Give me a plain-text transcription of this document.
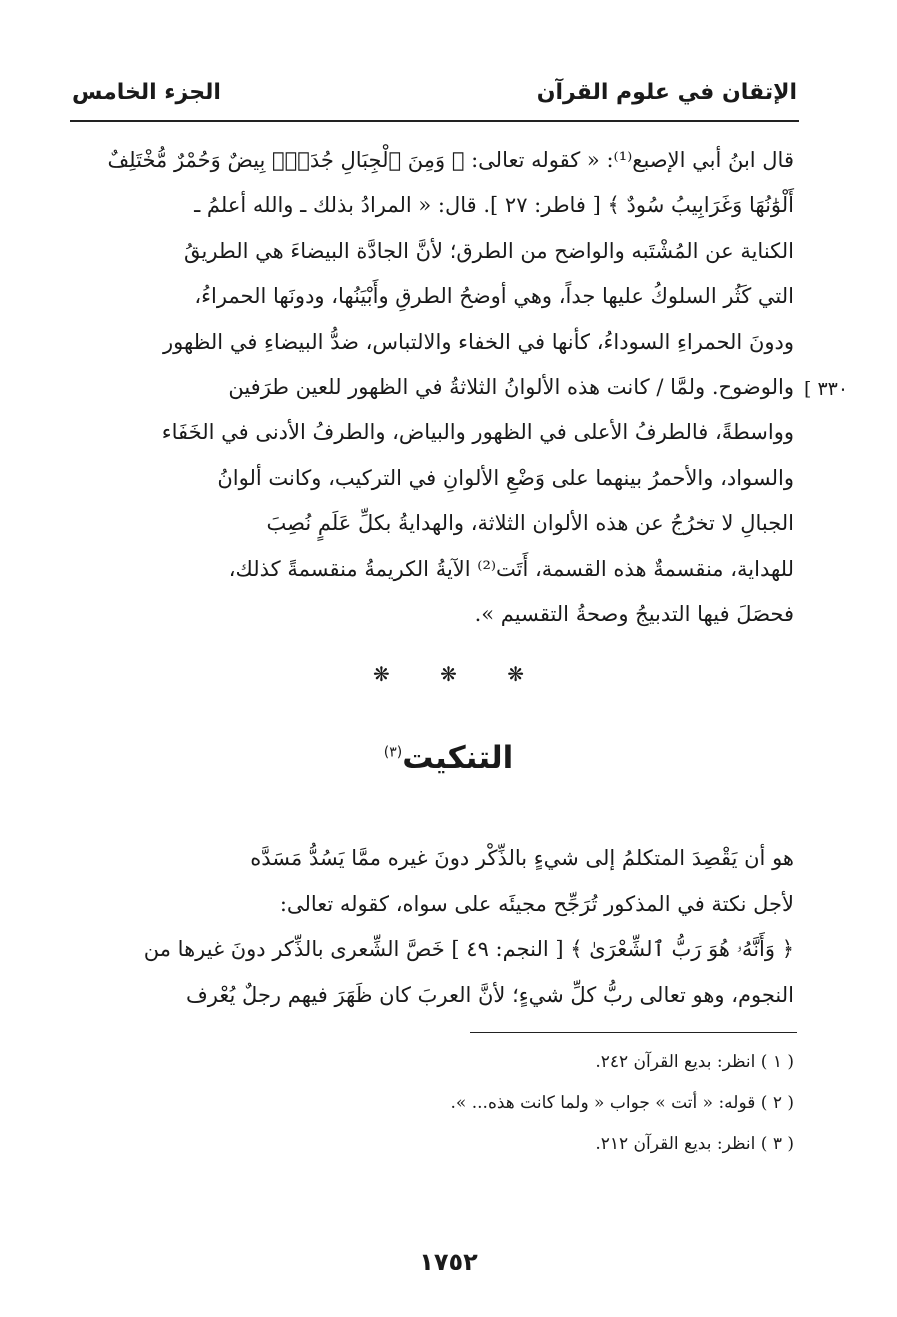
الجزء الخامس	الإتقان في علوم القرآن

قال ابنُ أبي الإصبع⁽¹⁾: « كقوله تعالى: ﴿ وَمِنَ ٱلْجِبَالِ جُدَدٌۢ بِيضٌ وَحُمْرٌ مُّخْتَلِفٌ

أَلْوَٰنُهَا وَغَرَابِيبُ سُودٌ ﴾ [ فاطر: ٢٧ ]. قال: « المرادُ بذلك ـ والله أعلمُ ـ

الكناية عن المُشْتَبه والواضح من الطرق؛ لأنَّ الجادَّة البيضاءَ هي الطريقُ

التي كَثُر السلوكُ عليها جداً، وهي أوضحُ الطرقِ وأَبْيَنُها، ودونَها الحمراءُ،

ودونَ الحمراءِ السوداءُ، كأنها في الخفاء والالتباس، ضدُّ البيضاءِ في الظهور

والوضوح. ولمَّا / كانت هذه الألوانُ الثلاثةُ في الظهور للعين طرَفين

وواسطةً، فالطرفُ الأعلى في الظهور والبياض، والطرفُ الأدنى في الخَفَاء

والسواد، والأحمرُ بينهما على وَضْعِ الألوانِ في التركيب، وكانت ألوانُ

الجبالِ لا تخرُجُ عن هذه الألوان الثلاثة، والهدايةُ بكلِّ عَلَمٍ نُصِبَ

للهداية، منقسمةٌ هذه القسمة، أَتَت⁽²⁾ الآيةُ الكريمةُ منقسمةً كذلك،

فحصَلَ فيها التدبيجُ وصحةُ التقسيم ».

[ ٣٣٠
❋	❋	❋
التنكيت$^{(٣)}$

هو أن يَقْصِدَ المتكلمُ إلى شيءٍ بالذِّكْر دونَ غيره ممَّا يَسُدُّ مَسَدَّه

لأجل نكتة في المذكور تُرَجِّح مجيئَه على سواه، كقوله تعالى:

﴿ وَأَنَّهُۥ هُوَ رَبُّ ٱلشِّعْرَىٰ ﴾ [ النجم: ٤٩ ] خَصَّ الشِّعرى بالذِّكر دونَ غيرها من

النجوم، وهو تعالى ربُّ كلِّ شيءٍ؛ لأنَّ العربَ كان ظَهَرَ فيهم رجلٌ يُعْرف

( ١ ) انظر: بديع القرآن ٢٤٢.
( ٢ ) قوله: « أتت » جواب « ولما كانت هذه... ».
( ٣ ) انظر: بديع القرآن ٢١٢.
١٧٥٢
